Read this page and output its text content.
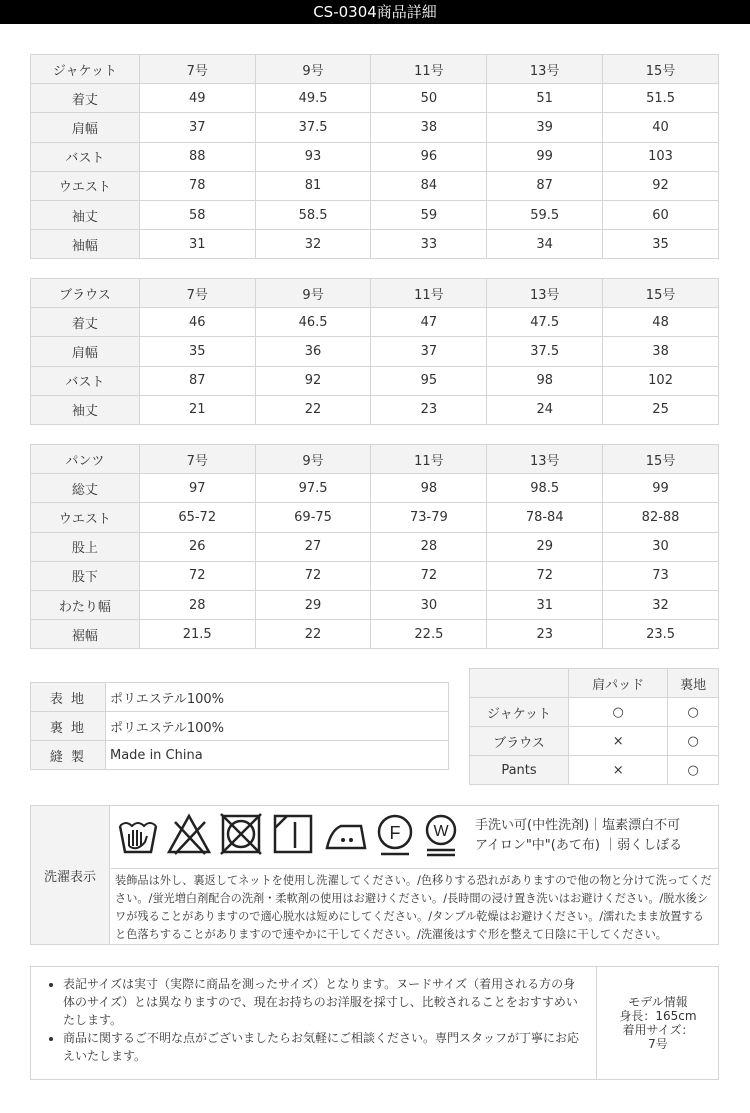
CS-0304商品詳細
ジャケット	7号	9号	11号	13号	15号
着丈	49	49.5	50	51	51.5
肩幅	37	37.5	38	39	40
バスト	88	93	96	99	103
ウエスト	78	81	84	87	92
袖丈	58	58.5	59	59.5	60
袖幅	31	32	33	34	35
ブラウス	7号	9号	11号	13号	15号
着丈	46	46.5	47	47.5	48
肩幅	35	36	37	37.5	38
バスト	87	92	95	98	102
袖丈	21	22	23	24	25
パンツ	7号	9号	11号	13号	15号
総丈	97	97.5	98	98.5	99
ウエスト	65-72	69-75	73-79	78-84	82-88
股上	26	27	28	29	30
股下	72	72	72	72	73
わたり幅	28	29	30	31	32
裾幅	21.5	22	22.5	23	23.5
表 地	ポリエステル100%
裏 地	ポリエステル100%
縫 製	Made in China
	肩パッド	裏地
ジャケット	○	○
ブラウス	×	○
Pants	×	○
洗濯表示
F W 手洗い可(中性洗剤)｜塩素漂白不可
アイロン"中"(あて布) ｜弱くしぼる
装飾品は外し、裏返してネットを使用し洗濯してください。/色移りする恐れがありますので他の物と分けて洗ってください。/蛍光増白剤配合の洗剤・柔軟剤の使用はお避けください。/長時間の浸け置き洗いはお避けください。/脱水後シワが残ることがありますので適心脱水は短めにしてください。/タンブル乾燥はお避けください。/濡れたまま放置すると色落ちすることがありますので速やかに干してください。/洗濯後はすぐ形を整えて日陰に干してください。
• 表記サイズは実寸（実際に商品を測ったサイズ）となります。ヌードサイズ（着用される方の身体のサイズ）とは異なりますので、現在お持ちのお洋服を採寸し、比較されることをおすすめいたします。
• 商品に関するご不明な点がございましたらお気軽にご相談ください。専門スタッフが丁寧にお応えいたします。
モデル情報
身長：165cm
着用サイズ：
7号
